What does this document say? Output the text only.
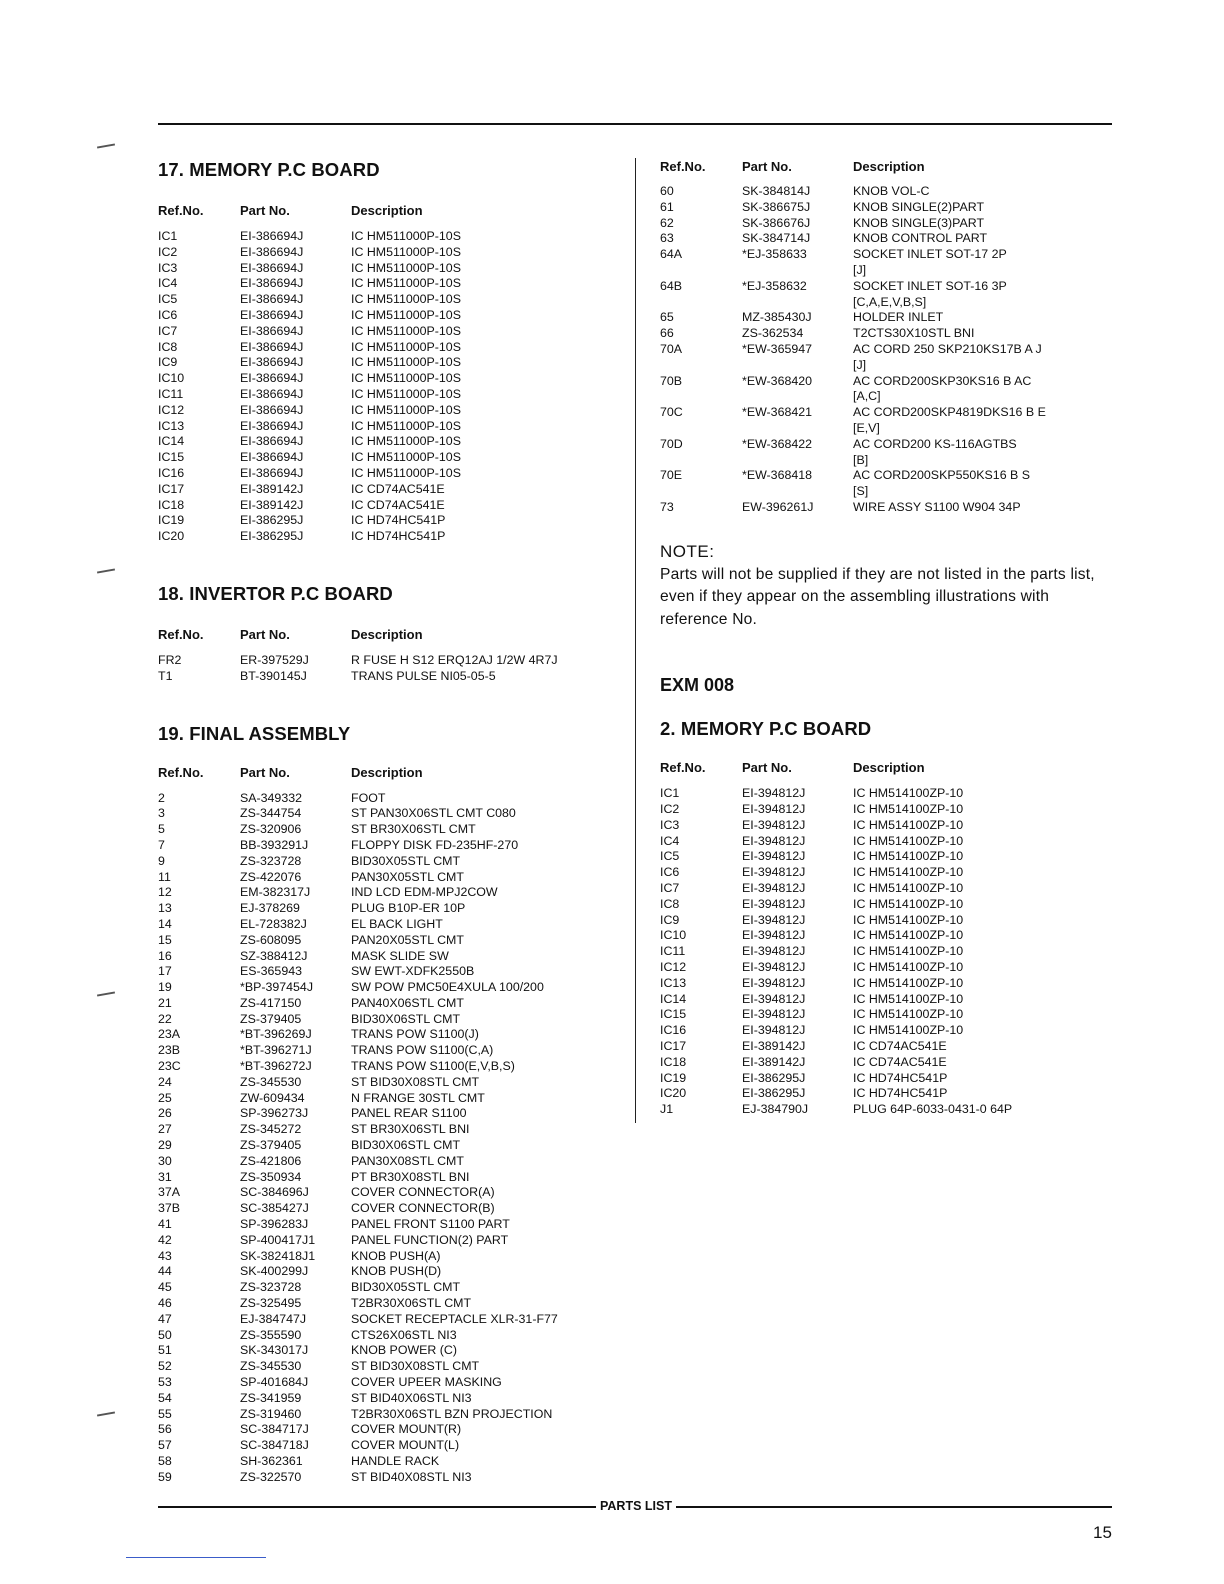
17. MEMORY P.C BOARD
Ref.No.	Part No.	Description
IC1	EI-386694J	IC HM511000P-10S
IC2	EI-386694J	IC HM511000P-10S
IC3	EI-386694J	IC HM511000P-10S
IC4	EI-386694J	IC HM511000P-10S
IC5	EI-386694J	IC HM511000P-10S
IC6	EI-386694J	IC HM511000P-10S
IC7	EI-386694J	IC HM511000P-10S
IC8	EI-386694J	IC HM511000P-10S
IC9	EI-386694J	IC HM511000P-10S
IC10	EI-386694J	IC HM511000P-10S
IC11	EI-386694J	IC HM511000P-10S
IC12	EI-386694J	IC HM511000P-10S
IC13	EI-386694J	IC HM511000P-10S
IC14	EI-386694J	IC HM511000P-10S
IC15	EI-386694J	IC HM511000P-10S
IC16	EI-386694J	IC HM511000P-10S
IC17	EI-389142J	IC CD74AC541E
IC18	EI-389142J	IC CD74AC541E
IC19	EI-386295J	IC HD74HC541P
IC20	EI-386295J	IC HD74HC541P
18. INVERTOR P.C BOARD
Ref.No.	Part No.	Description
FR2	ER-397529J	R FUSE H S12 ERQ12AJ 1/2W 4R7J
T1	BT-390145J	TRANS PULSE NI05-05-5
19. FINAL ASSEMBLY
Ref.No.	Part No.	Description
2	SA-349332	FOOT
3	ZS-344754	ST PAN30X06STL CMT C080
5	ZS-320906	ST BR30X06STL CMT
7	BB-393291J	FLOPPY DISK FD-235HF-270
9	ZS-323728	BID30X05STL CMT
11	ZS-422076	PAN30X05STL CMT
12	EM-382317J	IND LCD EDM-MPJ2COW
13	EJ-378269	PLUG B10P-ER 10P
14	EL-728382J	EL BACK LIGHT
15	ZS-608095	PAN20X05STL CMT
16	SZ-388412J	MASK SLIDE SW
17	ES-365943	SW EWT-XDFK2550B
19	*BP-397454J	SW POW PMC50E4XULA 100/200
21	ZS-417150	PAN40X06STL CMT
22	ZS-379405	BID30X06STL CMT
23A	*BT-396269J	TRANS POW S1100(J)
23B	*BT-396271J	TRANS POW S1100(C,A)
23C	*BT-396272J	TRANS POW S1100(E,V,B,S)
24	ZS-345530	ST BID30X08STL CMT
25	ZW-609434	N FRANGE 30STL CMT
26	SP-396273J	PANEL REAR S1100
27	ZS-345272	ST BR30X06STL BNI
29	ZS-379405	BID30X06STL CMT
30	ZS-421806	PAN30X08STL CMT
31	ZS-350934	PT BR30X08STL BNI
37A	SC-384696J	COVER CONNECTOR(A)
37B	SC-385427J	COVER CONNECTOR(B)
41	SP-396283J	PANEL FRONT S1100 PART
42	SP-400417J1	PANEL FUNCTION(2) PART
43	SK-382418J1	KNOB PUSH(A)
44	SK-400299J	KNOB PUSH(D)
45	ZS-323728	BID30X05STL CMT
46	ZS-325495	T2BR30X06STL CMT
47	EJ-384747J	SOCKET RECEPTACLE XLR-31-F77
50	ZS-355590	CTS26X06STL NI3
51	SK-343017J	KNOB POWER (C)
52	ZS-345530	ST BID30X08STL CMT
53	SP-401684J	COVER UPEER MASKING
54	ZS-341959	ST BID40X06STL NI3
55	ZS-319460	T2BR30X06STL BZN PROJECTION
56	SC-384717J	COVER MOUNT(R)
57	SC-384718J	COVER MOUNT(L)
58	SH-362361	HANDLE RACK
59	ZS-322570	ST BID40X08STL NI3
Ref.No.	Part No.	Description
60	SK-384814J	KNOB VOL-C
61	SK-386675J	KNOB SINGLE(2)PART
62	SK-386676J	KNOB SINGLE(3)PART
63	SK-384714J	KNOB CONTROL PART
64A	*EJ-358633	SOCKET INLET SOT-17 2P
[J]
64B	*EJ-358632	SOCKET INLET SOT-16 3P
[C,A,E,V,B,S]
65	MZ-385430J	HOLDER INLET
66	ZS-362534	T2CTS30X10STL BNI
70A	*EW-365947	AC CORD 250 SKP210KS17B A J
[J]
70B	*EW-368420	AC CORD200SKP30KS16 B AC
[A,C]
70C	*EW-368421	AC CORD200SKP4819DKS16 B E
[E,V]
70D	*EW-368422	AC CORD200 KS-116AGTBS
[B]
70E	*EW-368418	AC CORD200SKP550KS16 B S
[S]
73	EW-396261J	WIRE ASSY S1100 W904 34P

NOTE:

Parts will not be supplied if they are not listed in the parts list, even if they appear on the assembling illustrations with reference No.

EXM 008
2. MEMORY P.C BOARD
Ref.No.	Part No.	Description
IC1	EI-394812J	IC HM514100ZP-10
IC2	EI-394812J	IC HM514100ZP-10
IC3	EI-394812J	IC HM514100ZP-10
IC4	EI-394812J	IC HM514100ZP-10
IC5	EI-394812J	IC HM514100ZP-10
IC6	EI-394812J	IC HM514100ZP-10
IC7	EI-394812J	IC HM514100ZP-10
IC8	EI-394812J	IC HM514100ZP-10
IC9	EI-394812J	IC HM514100ZP-10
IC10	EI-394812J	IC HM514100ZP-10
IC11	EI-394812J	IC HM514100ZP-10
IC12	EI-394812J	IC HM514100ZP-10
IC13	EI-394812J	IC HM514100ZP-10
IC14	EI-394812J	IC HM514100ZP-10
IC15	EI-394812J	IC HM514100ZP-10
IC16	EI-394812J	IC HM514100ZP-10
IC17	EI-389142J	IC CD74AC541E
IC18	EI-389142J	IC CD74AC541E
IC19	EI-386295J	IC HD74HC541P
IC20	EI-386295J	IC HD74HC541P
J1	EJ-384790J	PLUG 64P-6033-0431-0 64P
PARTS LIST
15
